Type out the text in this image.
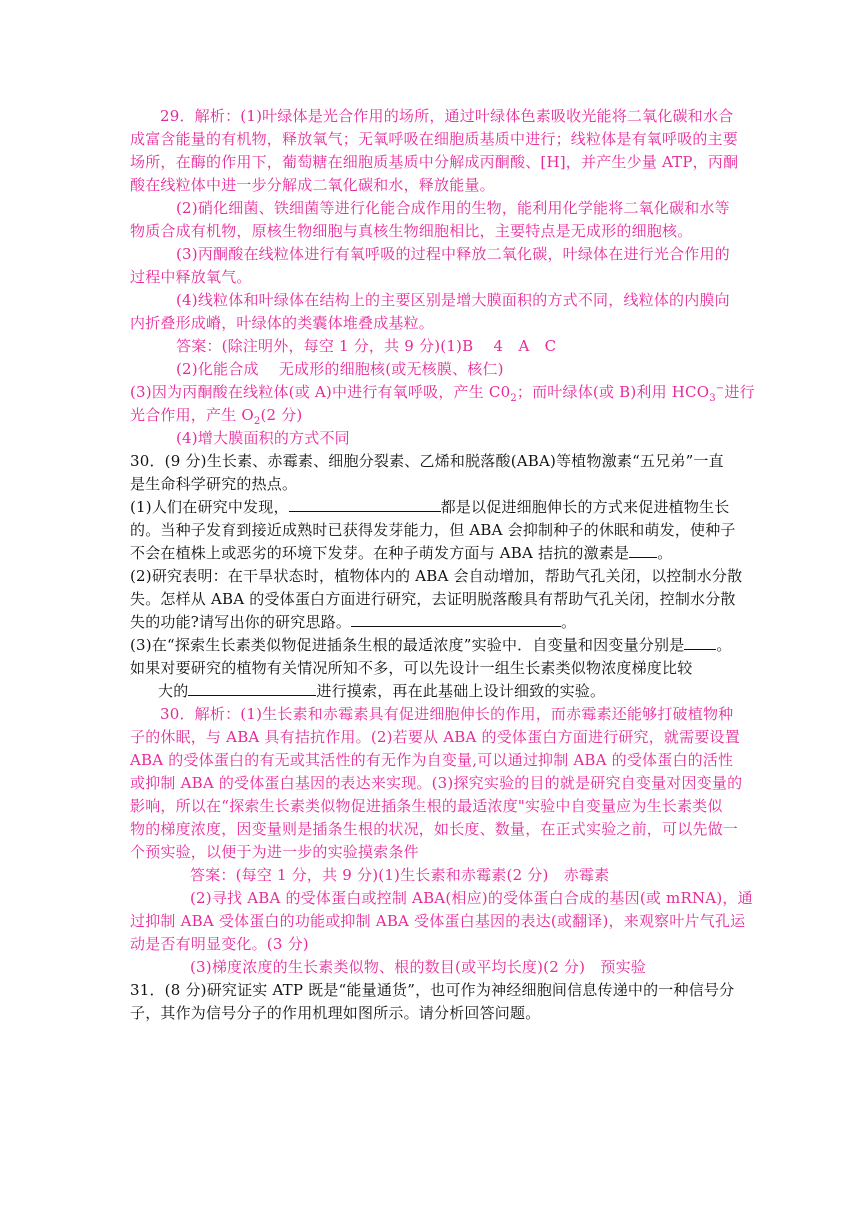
29．解析：(1)叶绿体是光合作用的场所，通过叶绿体色素吸收光能将二氧化碳和水合
成富含能量的有机物，释放氧气；无氧呼吸在细胞质基质中进行；线粒体是有氧呼吸的主要
场所，在酶的作用下，葡萄糖在细胞质基质中分解成丙酮酸、[H]，并产生少量 ATP，丙酮
酸在线粒体中进一步分解成二氧化碳和水，释放能量。
(2)硝化细菌、铁细菌等进行化能合成作用的生物，能利用化学能将二氧化碳和水等
物质合成有机物，原核生物细胞与真核生物细胞相比，主要特点是无成形的细胞核。
(3)丙酮酸在线粒体进行有氧呼吸的过程中释放二氧化碳，叶绿体在进行光合作用的
过程中释放氧气。
(4)线粒体和叶绿体在结构上的主要区别是增大膜面积的方式不同，线粒体的内膜向
内折叠形成嵴，叶绿体的类囊体堆叠成基粒。
答案：(除注明外，每空 1 分，共 9 分)(1)B　 4　A　C
(2)化能合成　 无成形的细胞核(或无核膜、核仁)
(3)因为丙酮酸在线粒体(或 A)中进行有氧呼吸，产生 $C0_2$；而叶绿体(或 B)利用 $HCO_3^-$进行
光合作用，产生 $O_2(2$ 分)
(4)增大膜面积的方式不同
30．(9 分)生长素、赤霉素、细胞分裂素、乙烯和脱落酸(ABA)等植物激素“五兄弟”一直
是生命科学研究的热点。
(1)人们在研究中发现，	都是以促进细胞伸长的方式来促进植物生长
的。当种子发育到接近成熟时已获得发芽能力，但 ABA 会抑制种子的休眠和萌发，使种子
不会在植株上或恶劣的环境下发芽。在种子萌发方面与 ABA 拮抗的激素是 。
(2)研究表明：在干旱状态时，植物体内的 ABA 会自动增加，帮助气孔关闭，以控制水分散
失。怎样从 ABA 的受体蛋白方面进行研究，去证明脱落酸具有帮助气孔关闭，控制水分散
失的功能?请写出你的研究思路。	。
(3)在“探索生长素类似物促进插条生根的最适浓度”实验中．自变量和因变量分别是 。
如果对要研究的植物有关情况所知不多，可以先设计一组生长素类似物浓度梯度比较
大的	进行摸索，再在此基础上设计细致的实验。
30．解析：(1)生长素和赤霉素具有促进细胞伸长的作用，而赤霉素还能够打破植物种
子的休眠，与 ABA 具有拮抗作用。(2)若要从 ABA 的受体蛋白方面进行研究，就需要设置
ABA 的受体蛋白的有无或其活性的有无作为自变量,可以通过抑制 ABA 的受体蛋白的活性
或抑制 ABA 的受体蛋白基因的表达来实现。(3)探究实验的目的就是研究自变量对因变量的
影响，所以在“探索生长素类似物促进插条生根的最适浓度"实验中自变量应为生长素类似
物的梯度浓度，因变量则是插条生根的状况，如长度、数量，在正式实验之前，可以先做一
个预实验，以便于为进一步的实验摸索条件
答案：(每空 1 分，共 9 分)(1)生长素和赤霉素(2 分)　赤霉素
(2)寻找 ABA 的受体蛋白或控制 ABA(相应)的受体蛋白合成的基因(或 mRNA)，通
过抑制 ABA 受体蛋白的功能或抑制 ABA 受体蛋白基因的表达(或翻译)，来观察叶片气孔运
动是否有明显变化。(3 分)
(3)梯度浓度的生长素类似物、根的数目(或平均长度)(2 分)　预实验
31．(8 分)研究证实 ATP 既是“能量通货”，也可作为神经细胞间信息传递中的一种信号分
子，其作为信号分子的作用机理如图所示。请分析回答问题。
